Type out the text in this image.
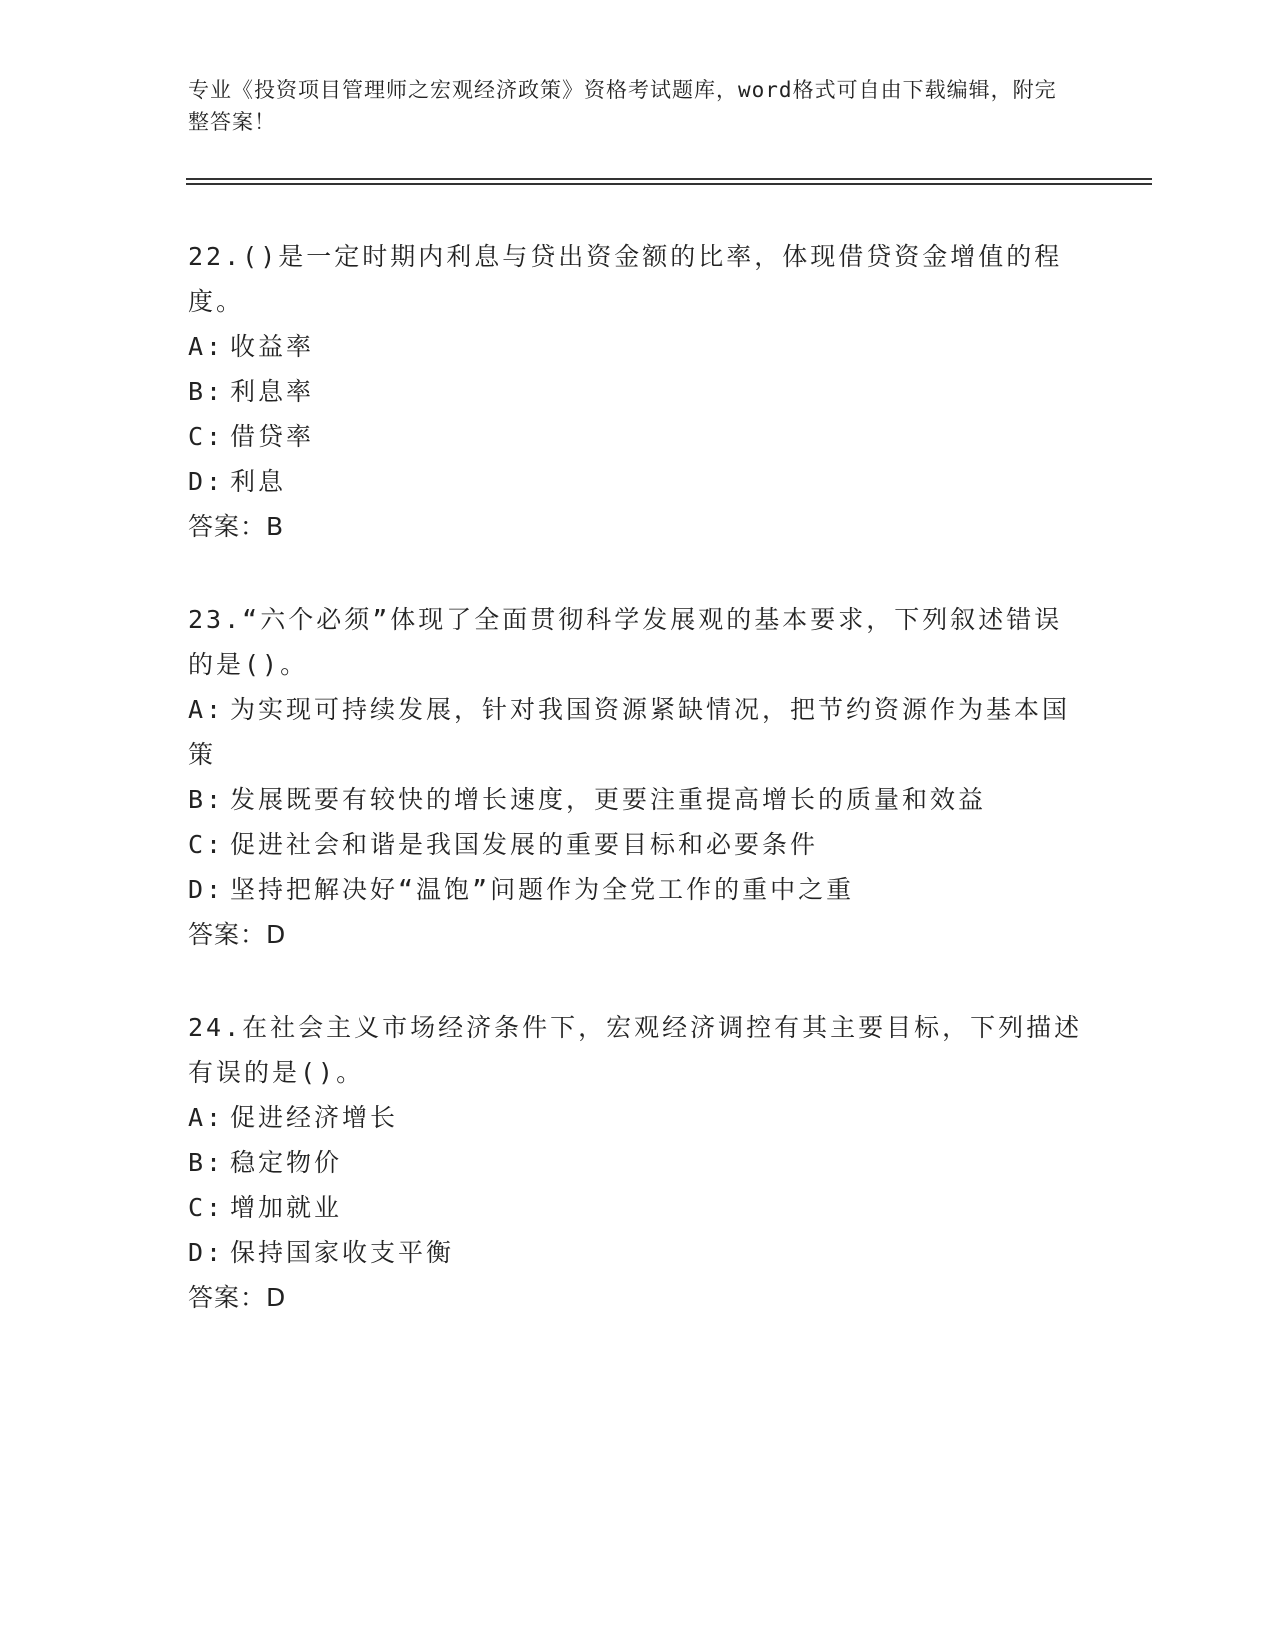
专业《投资项目管理师之宏观经济政策》资格考试题库，word格式可自由下载编辑，附完整答案！
22.()是一定时期内利息与贷出资金额的比率，体现借贷资金增值的程度。
A: 收益率
B: 利息率
C: 借贷率
D: 利息
答案：B
23.“六个必须”体现了全面贯彻科学发展观的基本要求，下列叙述错误的是()。
A: 为实现可持续发展，针对我国资源紧缺情况，把节约资源作为基本国策
B: 发展既要有较快的增长速度，更要注重提高增长的质量和效益
C: 促进社会和谐是我国发展的重要目标和必要条件
D: 坚持把解决好“温饱”问题作为全党工作的重中之重
答案：D
24.在社会主义市场经济条件下，宏观经济调控有其主要目标，下列描述有误的是()。
A: 促进经济增长
B: 稳定物价
C: 增加就业
D: 保持国家收支平衡
答案：D
